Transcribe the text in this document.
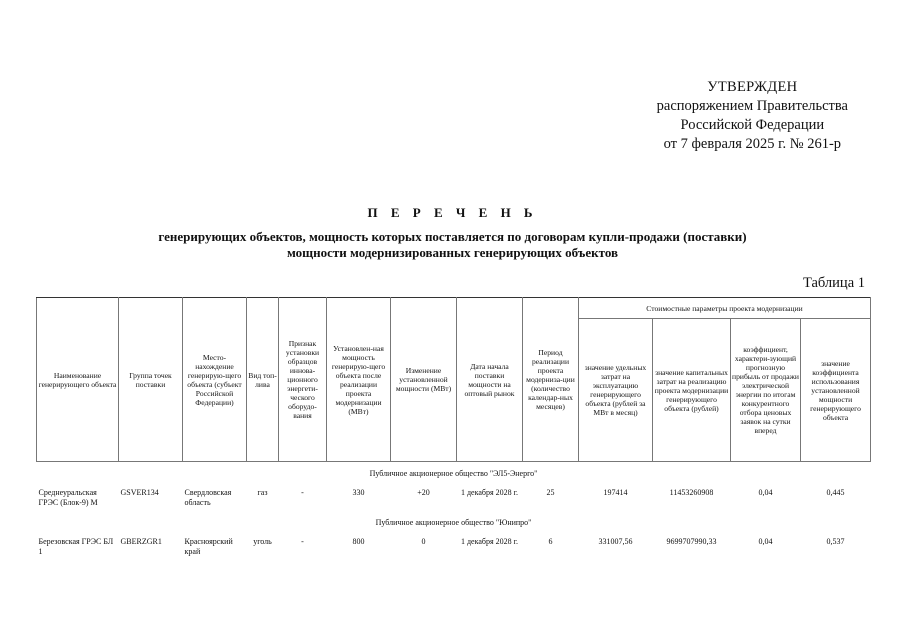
УТВЕРЖДЕН
распоряжением Правительства
Российской Федерации
от 7 февраля 2025 г. № 261-р
П Е Р Е Ч Е Н Ь
генерирующих объектов, мощность которых поставляется по договорам купли-продажи (поставки)
мощности модернизированных генерирующих объектов
Таблица 1
Наименование генерирующего объекта	Группа точек поставки	Место-нахождение генерирую-щего объекта (субъект Российской Федерации)	Вид топ-лива	Признак установки образцов иннова-ционного энергети-ческого оборудо-вания	Установлен-ная мощность генерирую-щего объекта после реализации проекта модернизации (МВт)	Изменение установленной мощности (МВт)	Дата начала поставки мощности на оптовый рынок	Период реализации проекта модерниза-ции (количество календар-ных месяцев)	Стоимостные параметры проекта модернизации			
									значение удельных затрат на эксплуатацию генерирующего объекта (рублей за МВт в месяц)	значение капитальных затрат на реализацию проекта модернизации генерирующего объекта (рублей)	коэффициент, характери-зующий прогнозную прибыль от продажи электрической энергии по итогам конкурентного отбора ценовых заявок на сутки вперед	значение коэффициента использования установленной мощности генерирующего объекта
Публичное акционерное общество "ЭЛ5-Энерго"												
Среднеуральская ГРЭС (Блок-9) М	GSVER134	Свердловская область	газ	-	330	+20	1 декабря 2028 г.	25	197414	11453260908	0,04	0,445
Публичное акционерное общество "Юнипро"												
Березовская ГРЭС БЛ 1	GBERZGR1	Красноярский край	уголь	-	800	0	1 декабря 2028 г.	6	331007,56	9699707990,33	0,04	0,537
